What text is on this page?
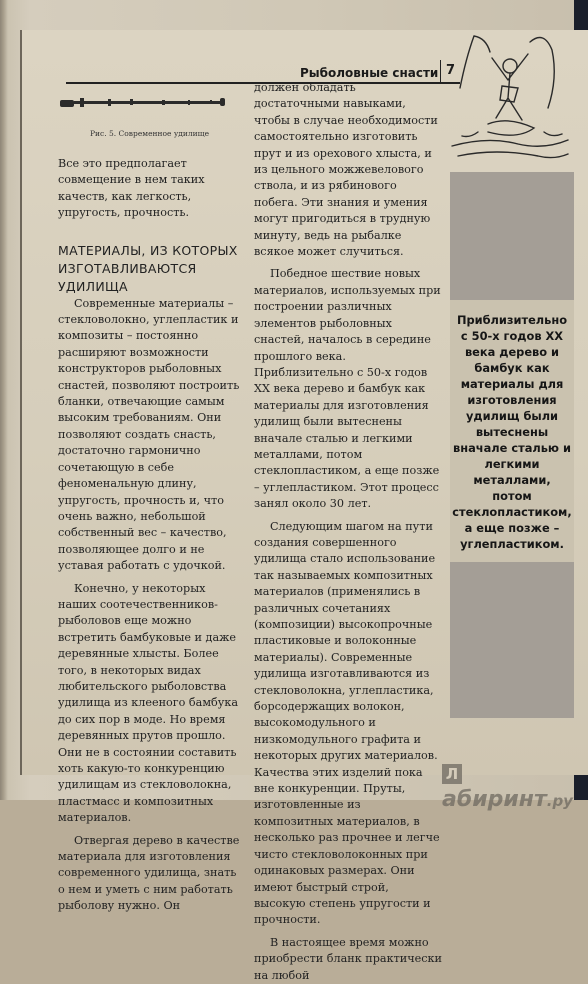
Рыболовные снасти 7
Рис. 5. Современное удилище

Все это предполагает совмещение в нем таких качеств, как легкость, упругость, прочность.

МАТЕРИАЛЫ, ИЗ КОТОРЫХ ИЗГОТАВЛИВАЮТСЯ УДИЛИЩА

Современные материалы – стекловолокно, углепластик и композиты – постоянно расширяют возможности конструкторов рыболовных снастей, позволяют построить бланки, отвечающие самым высоким требованиям. Они позволяют создать снасть, достаточно гармонично сочетающую в себе феноменальную длину, упругость, прочность и, что очень важно, небольшой собственный вес – качество, позволяющее долго и не уставая работать с удочкой.

Конечно, у некоторых наших соотечественников-рыболовов еще можно встретить бамбуковые и даже деревянные хлысты. Более того, в некоторых видах любительского рыболовства удилища из клееного бамбука до сих пор в моде. Но время деревянных прутов прошло. Они не в состоянии составить хоть какую-то конкуренцию удилищам из стекловолокна, пластмасс и композитных материалов.

Отвергая дерево в качестве материала для изготовления современного удилища, знать о нем и уметь с ним работать рыболову нужно. Он

должен обладать достаточными навыками, чтобы в случае необходимости самостоятельно изготовить прут и из орехового хлыста, и из цельного можжевелового ствола, и из рябинового побега. Эти знания и умения могут пригодиться в трудную минуту, ведь на рыбалке всякое может случиться.

Победное шествие новых материалов, используемых при построении различных элементов рыболовных снастей, началось в середине прошлого века. Приблизительно с 50-х годов XX века дерево и бамбук как материалы для изготовления удилищ были вытеснены вначале сталью и легкими металлами, потом стеклопластиком, а еще позже – углепластиком. Этот процесс занял около 30 лет.

Следующим шагом на пути создания совершенного удилища стало использование так называемых композитных материалов (применялись в различных сочетаниях (композиции) высокопрочные пластиковые и волоконные материалы). Современные удилища изготавливаются из стекловолокна, углепластика, борсодержащих волокон, высокомодульного и низкомодульного графита и некоторых других материалов. Качества этих изделий пока вне конкуренции. Пруты, изготовленные из композитных материалов, в несколько раз прочнее и легче чисто стекловолоконных при одинаковых размерах. Они имеют быстрый строй, высокую степень упругости и прочности.

В настоящее время можно приобрести бланк практически на любой

Приблизительно с 50-х годов XX века дерево и бамбук как материалы для изготовления удилищ были вытеснены вначале сталью и легкими металлами, потом стеклопластиком, а еще позже – углепластиком.
Лабиринт.ру
